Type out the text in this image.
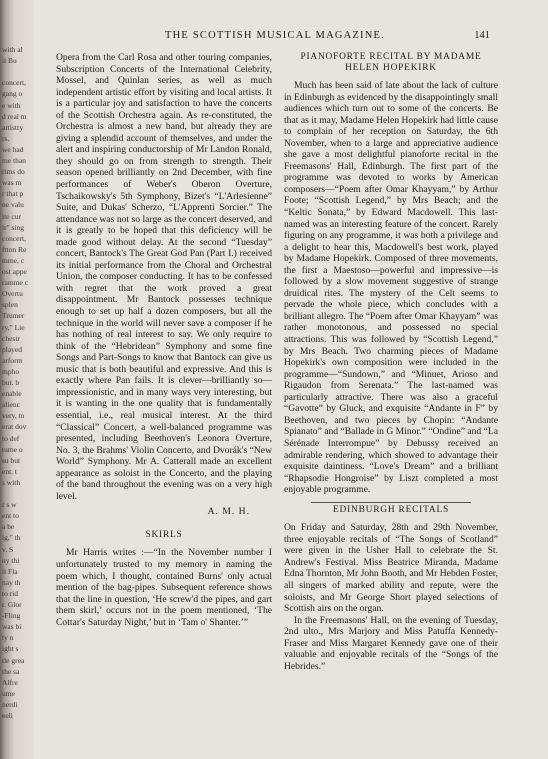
with al
it Bu
concert,
gang o
e with
d real m
artistry
rs.
we had
me than
rims do
was m
r that p
ne valu
ite cur
ir" sing
concert,
ftton Re
mme, c
ost appe
ramme c
Overtu
splen
Trumer
ry," Lie
chestr
played
arform
mpho
but. b
enable
alienc
very, to
erat dov
to def
tume o
su but
ent. t
s with
r s w
ent to
a be
ig," th
v. S
ny thi
it Fla
nay th
to rid
r. Glor
-Fling
was bi
ty n
ight s
tle grea
the sa
Alfre
ume
nerdi
eeli
THE SCOTTISH MUSICAL MAGAZINE.	141

Opera from the Carl Rosa and other touring companies, Subscription Concerts of the International Celebrity, Mossel, and Quinlan series, as well as much independent artistic effort by visiting and local artists. It is a particular joy and satisfaction to have the concerts of the Scottish Orchestra again. As re-constituted, the Orchestra is almost a new band, but already they are giving a splendid account of themselves, and under the alert and inspiring conductorship of Mr Landon Ronald, they should go on from strength to strength. Their season opened brilliantly on 2nd December, with fine performances of Weber's Oberon Overture, Tschaikowsky's 5th Symphony, Bizet's “L'Arlesienne” Suite, and Dukas' Scherzo, “L'Apprenti Sorcier.” The attendance was not so large as the concert deserved, and it is greatly to be hoped that this deficiency will be made good without delay. At the second “Tuesday” concert, Bantock's The Great God Pan (Part I.) received its initial performance from the Choral and Orchestral Union, the composer conducting. It has to be confessed with regret that the work proved a great disappointment. Mr Bantock possesses technique enough to set up half a dozen composers, but all the technique in the world will never save a composer if he has nothing of real interest to say. We only require to think of the “Hebridean” Symphony and some fine Songs and Part-Songs to know that Bantock can give us music that is both beautiful and expressive. And this is exactly where Pan fails. It is clever—brilliantly so—impressionistic, and in many ways very interesting, but it is wanting in the one quality that is fundamentally essential, i.e., real musical interest. At the third “Classical” Concert, a well-balanced programme was presented, including Beethoven's Leonora Overture, No. 3, the Brahms' Violin Concerto, and Dvorák's “New World” Symphony. Mr A. Catterall made an excellent appearance as soloist in the Concerto, and the playing of the band throughout the evening was on a very high level.

A. M. H.
SKIRLS

Mr Harris writes :—“In the November number I unfortunately trusted to my memory in naming the poem which, I thought, contained Burns' only actual mention of the bag-pipes. Subsequent reference shows that the line in question, ‘He screw'd the pipes, and gart them skirl,’ occurs not in the poem mentioned, ‘The Cottar's Saturday Night,’ but in ‘Tam o' Shanter.’”

PIANOFORTE RECITAL BY MADAME
HELEN HOPEKIRK

Much has been said of late about the lack of culture in Edinburgh as evidenced by the disappointingly small audiences which turn out to some of the concerts. Be that as it may, Madame Helen Hopekirk had little cause to complain of her reception on Saturday, the 6th November, when to a large and appreciative audience she gave a most delightful pianoforte recital in the Freemasons' Hall, Edinburgh. The first part of the programme was devoted to works by American composers—“Poem after Omar Khayyam,” by Arthur Foote; “Scottish Legend,” by Mrs Beach; and the “Keltic Sonata,” by Edward Macdowell. This last-named was an interesting feature of the concert. Rarely figuring on any programme, it was both a privilege and a delight to hear this, Macdowell's best work, played by Madame Hopekirk. Composed of three movements, the first a Maestoso—powerful and impressive—is followed by a slow movement suggestive of strange druidical rites. The mystery of the Celt seems to pervade the whole piece, which concludes with a brilliant allegro. The “Poem after Omar Khayyam” was rather monotonous, and possessed no special attractions. This was followed by “Scottish Legend,” by Mrs Beach. Two charming pieces of Madame Hopekirk's own composition were included in the programme—“Sundown,” and “Minuet, Arioso and Rigaudon from Serenata.” The last-named was particularly attractive. There was also a graceful “Gavotte” by Gluck, and exquisite “Andante in F” by Beethoven, and two pieces by Chopin: “Andante Spianato” and “Ballade in G Minor.” “Ondine” and “La Sérénade Interrompue” by Debussy received an admirable rendering, which showed to advantage their exquisite daintiness. “Love's Dream” and a brilliant “Rhapsodie Hongroise” by Liszt completed a most enjoyable programme.

EDINBURGH RECITALS

On Friday and Saturday, 28th and 29th November, three enjoyable recitals of “The Songs of Scotland” were given in the Usher Hall to celebrate the St. Andrew's Festival. Miss Beatrice Miranda, Madame Edna Thornton, Mr John Booth, and Mr Hebden Foster, all singers of marked ability and repute, were the soloists, and Mr George Short played selections of Scottish airs on the organ.

In the Freemasons' Hall, on the evening of Tuesday, 2nd ulto., Mrs Marjory and Miss Patuffa Kennedy-Fraser and Miss Margaret Kennedy gave one of their valuable and enjoyable recitals of the “Songs of the Hebrides.”
